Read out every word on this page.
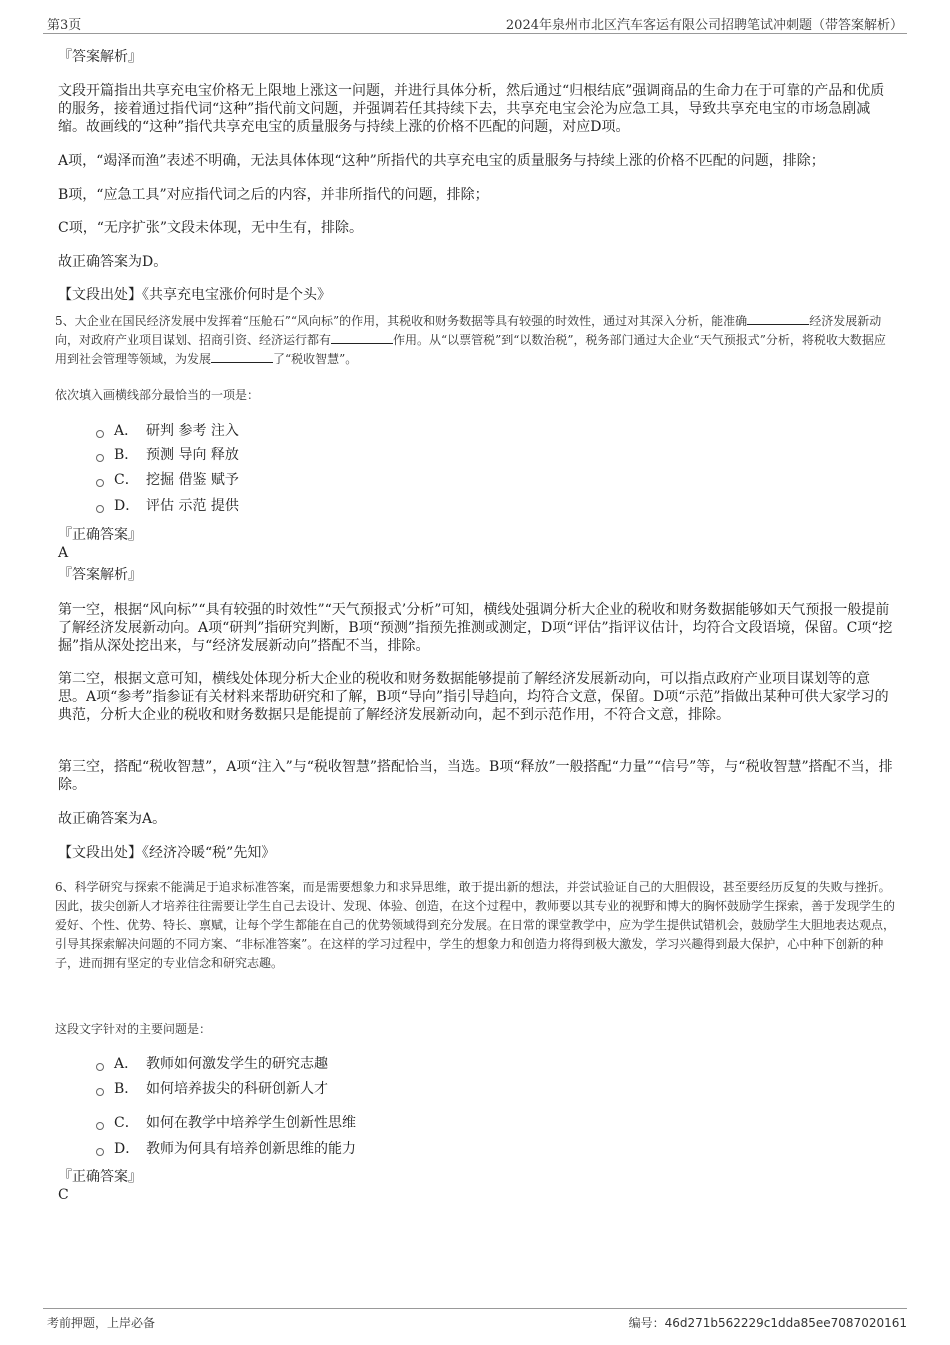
第3页	2024年泉州市北区汽车客运有限公司招聘笔试冲刺题（带答案解析）
『答案解析』
文段开篇指出共享充电宝价格无上限地上涨这一问题，并进行具体分析，然后通过“归根结底”强调商品的生命力在于可靠的产品和优质的服务，接着通过指代词“这种”指代前文问题，并强调若任其持续下去，共享充电宝会沦为应急工具，导致共享充电宝的市场急剧减缩。故画线的“这种”指代共享充电宝的质量服务与持续上涨的价格不匹配的问题，对应D项。
A项，“竭泽而渔”表述不明确，无法具体体现“这种”所指代的共享充电宝的质量服务与持续上涨的价格不匹配的问题，排除；
B项，“应急工具”对应指代词之后的内容，并非所指代的问题，排除；
C项，“无序扩张”文段未体现，无中生有，排除。
故正确答案为D。
【文段出处】《共享充电宝涨价何时是个头》
5、大企业在国民经济发展中发挥着“压舱石”“风向标”的作用，其税收和财务数据等具有较强的时效性，通过对其深入分析，能准确	经济发展新动向，对政府产业项目谋划、招商引资、经济运行都有	作用。从“以票管税”到“以数治税”，税务部门通过大企业“天气预报式”分析，将税收大数据应用到社会管理等领域，为发展	了“税收智慧”。
依次填入画横线部分最恰当的一项是：
A． 研判 参考 注入
B． 预测 导向 释放
C． 挖掘 借鉴 赋予
D． 评估 示范 提供
『正确答案』
A
『答案解析』
第一空，根据“风向标”“具有较强的时效性”“天气预报式’分析”可知，横线处强调分析大企业的税收和财务数据能够如天气预报一般提前了解经济发展新动向。A项“研判”指研究判断，B项“预测”指预先推测或测定，D项“评估”指评议估计，均符合文段语境，保留。C项“挖掘”指从深处挖出来，与“经济发展新动向”搭配不当，排除。
第二空，根据文意可知，横线处体现分析大企业的税收和财务数据能够提前了解经济发展新动向，可以指点政府产业项目谋划等的意思。A项“参考”指参证有关材料来帮助研究和了解，B项“导向”指引导趋向，均符合文意，保留。D项“示范”指做出某种可供大家学习的典范，分析大企业的税收和财务数据只是能提前了解经济发展新动向，起不到示范作用，不符合文意，排除。
第三空，搭配“税收智慧”，A项“注入”与“税收智慧”搭配恰当，当选。B项“释放”一般搭配“力量”“信号”等，与“税收智慧”搭配不当，排除。
故正确答案为A。
【文段出处】《经济冷暖“税”先知》
6、科学研究与探索不能满足于追求标准答案，而是需要想象力和求异思维，敢于提出新的想法，并尝试验证自己的大胆假设，甚至要经历反复的失败与挫折。因此，拔尖创新人才培养往往需要让学生自己去设计、发现、体验、创造，在这个过程中，教师要以其专业的视野和博大的胸怀鼓励学生探索，善于发现学生的爱好、个性、优势、特长、禀赋，让每个学生都能在自己的优势领域得到充分发展。在日常的课堂教学中，应为学生提供试错机会，鼓励学生大胆地表达观点，引导其探索解决问题的不同方案、“非标准答案”。在这样的学习过程中，学生的想象力和创造力将得到极大激发，学习兴趣得到最大保护，心中种下创新的种子，进而拥有坚定的专业信念和研究志趣。
这段文字针对的主要问题是：
A． 教师如何激发学生的研究志趣
B． 如何培养拔尖的科研创新人才
C． 如何在教学中培养学生创新性思维
D． 教师为何具有培养创新思维的能力
『正确答案』
C
考前押题，上岸必备	编号：46d271b562229c1dda85ee7087020161
